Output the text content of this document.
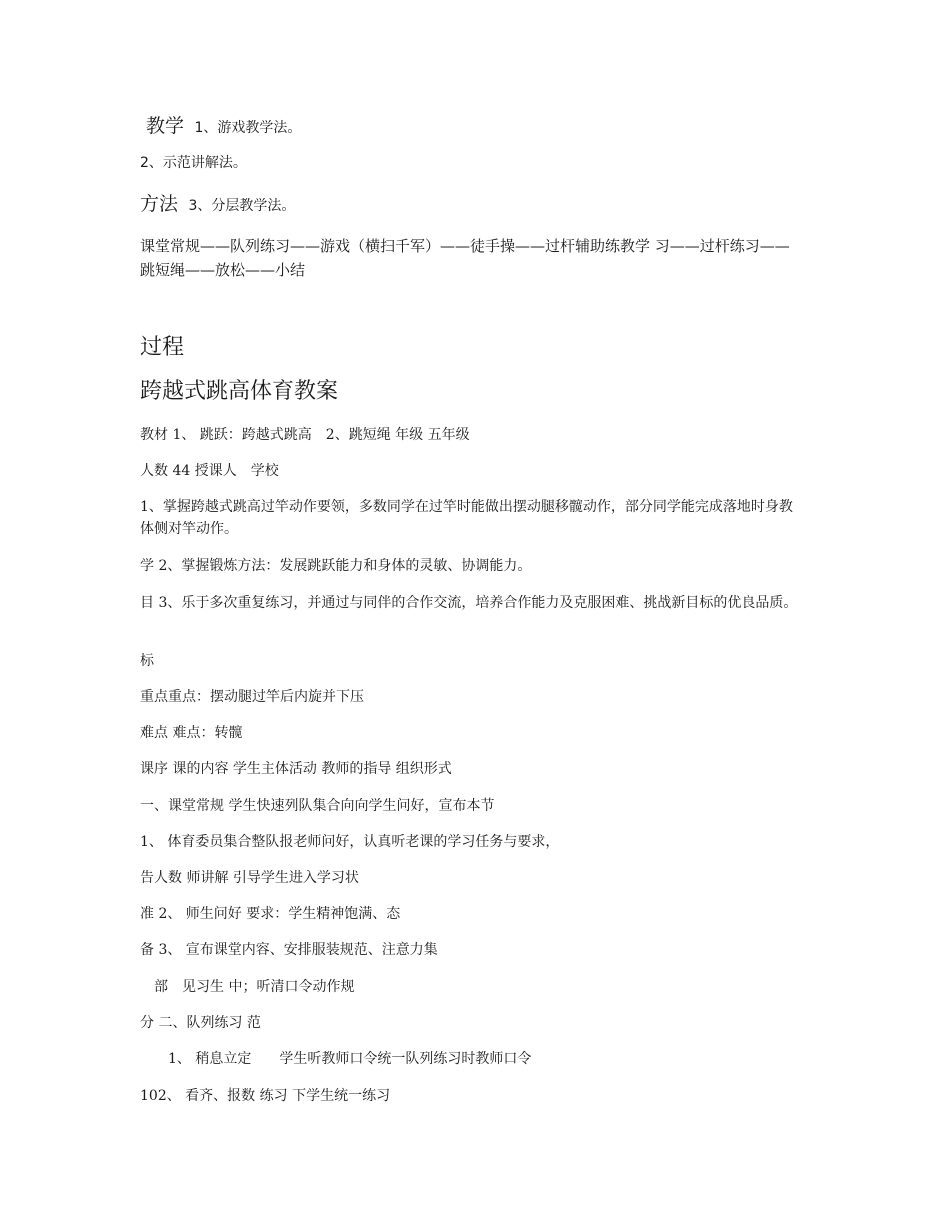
教学 1、游戏教学法。
2、示范讲解法。
方法 3、分层教学法。
课堂常规——队列练习——游戏（横扫千军）——徒手操——过杆辅助练教学 习——过杆练习——跳短绳——放松——小结
过程
跨越式跳高体育教案
教材 1、 跳跃：跨越式跳高　2、跳短绳 年级 五年级
人数 44 授课人　学校
1、掌握跨越式跳高过竿动作要领，多数同学在过竿时能做出摆动腿移髋动作，部分同学能完成落地时身教 体侧对竿动作。
学 2、掌握锻炼方法：发展跳跃能力和身体的灵敏、协调能力。
目 3、乐于多次重复练习，并通过与同伴的合作交流，培养合作能力及克服困难、挑战新目标的优良品质。
标
重点重点：摆动腿过竿后内旋并下压
难点 难点：转髋
课序 课的内容 学生主体活动 教师的指导 组织形式
一、课堂常规 学生快速列队集合向向学生问好，宣布本节
1、 体育委员集合整队报老师问好，认真听老课的学习任务与要求，
告人数 师讲解 引导学生进入学习状
准 2、 师生问好 要求：学生精神饱满、态
备 3、 宣布课堂内容、安排服装规范、注意力集
　部　见习生 中；听清口令动作规
分 二、队列练习 范
　　1、 稍息立定　　学生听教师口令统一队列练习时教师口令
102、 看齐、报数 练习 下学生统一练习
